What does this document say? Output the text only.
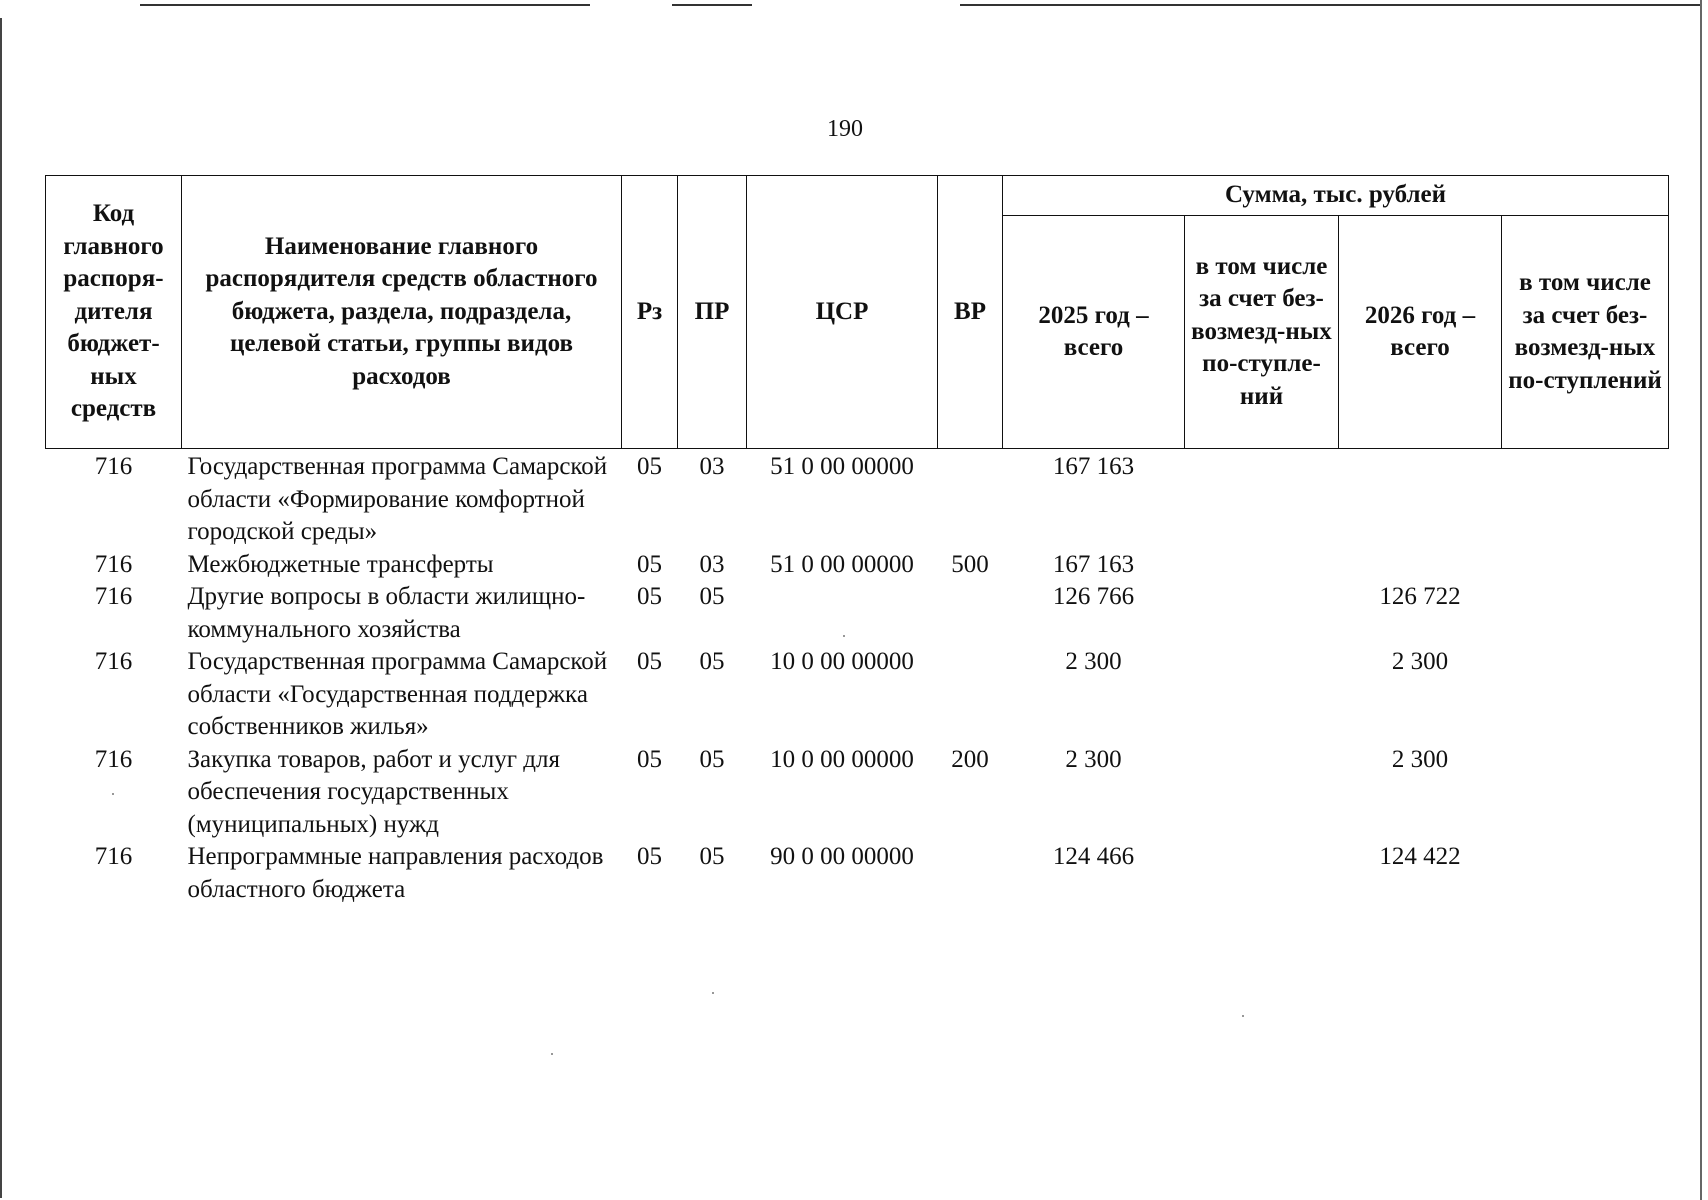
190
Код главного распоря-дителя бюджет-ных средств	Наименование главного распорядителя средств областного бюджета, раздела, подраздела, целевой статьи, группы видов расходов	Рз	ПР	ЦСР	ВР	Сумма, тыс. рублей			
						2025 год – всего	в том числе за счет без-возмезд-ных по-ступле-ний	2026 год – всего	в том числе за счет без-возмезд-ных по-ступлений
716	Государственная программа Самарской области «Формирование комфортной городской среды»	05	03	51 0 00 00000		167 163			
716	Межбюджетные трансферты	05	03	51 0 00 00000	500	167 163			
716	Другие вопросы в области жилищно-коммунального хозяйства	05	05			126 766		126 722	
716	Государственная программа Самарской области «Государственная поддержка собственников жилья»	05	05	10 0 00 00000		2 300		2 300	
716	Закупка товаров, работ и услуг для обеспечения государственных (муниципальных) нужд	05	05	10 0 00 00000	200	2 300		2 300	
716	Непрограммные направления расходов областного бюджета	05	05	90 0 00 00000		124 466		124 422	
